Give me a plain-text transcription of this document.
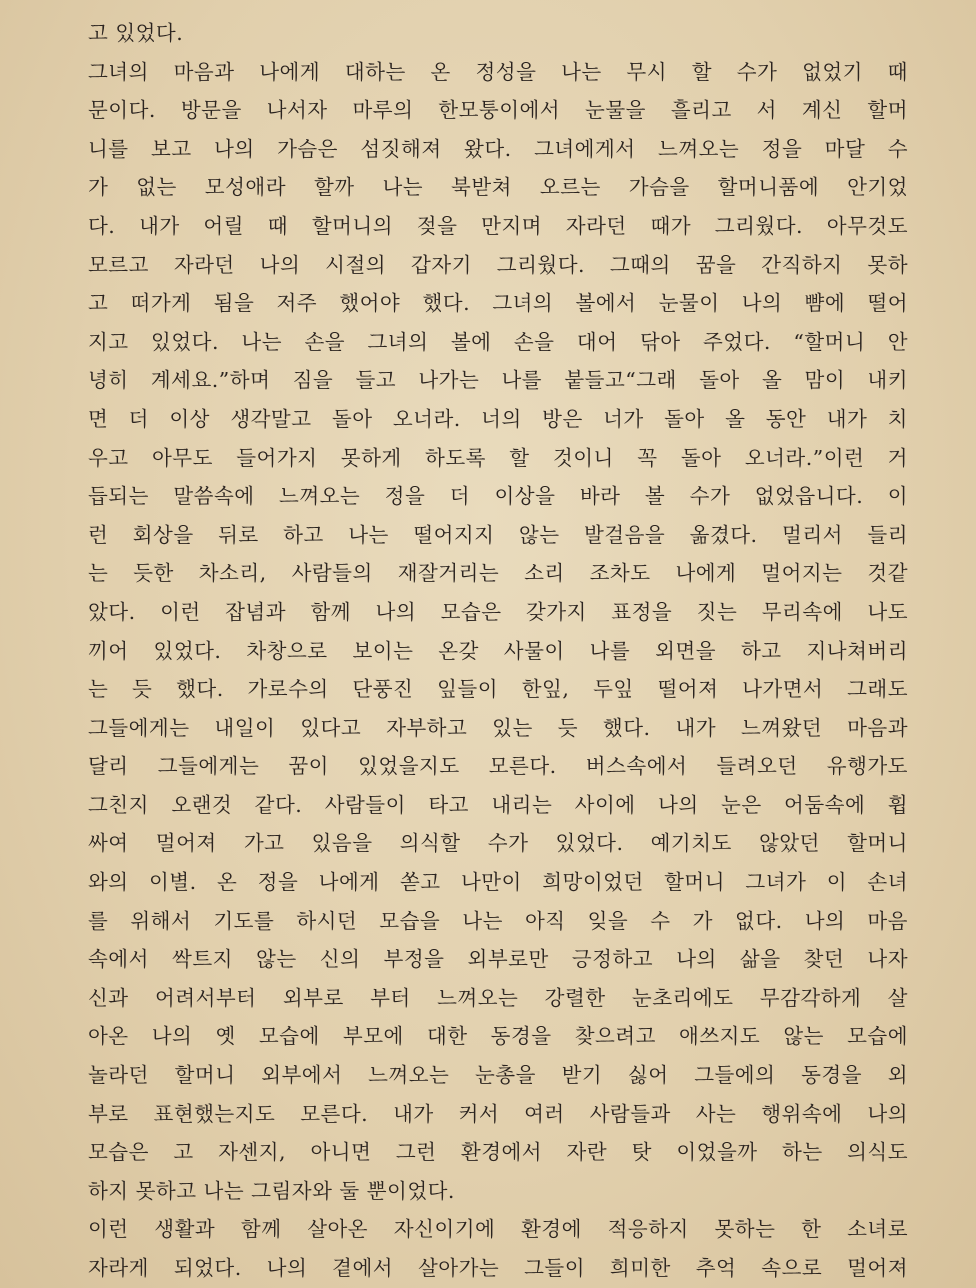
고 있었다.
그녀의 마음과 나에게 대하는 온 정성을 나는 무시 할 수가 없었기 때
문이다. 방문을 나서자 마루의 한모퉁이에서 눈물을 흘리고 서 계신 할머
니를 보고 나의 가슴은 섬짓해져 왔다. 그녀에게서 느껴오는 정을 마달 수
가 없는 모성애라 할까 나는 북받쳐 오르는 가슴을 할머니품에 안기었
다. 내가 어릴 때 할머니의 젖을 만지며 자라던 때가 그리웠다. 아무것도
모르고 자라던 나의 시절의 갑자기 그리웠다. 그때의 꿈을 간직하지 못하
고 떠가게 됨을 저주 했어야 했다. 그녀의 볼에서 눈물이 나의 뺨에 떨어
지고 있었다. 나는 손을 그녀의 볼에 손을 대어 닦아 주었다. “할머니 안
녕히 계세요.”하며 짐을 들고 나가는 나를 붙들고“그래 돌아 올 맘이 내키
면 더 이상 생각말고 돌아 오너라. 너의 방은 너가 돌아 올 동안 내가 치
우고 아무도 들어가지 못하게 하도록 할 것이니 꼭 돌아 오너라.”이런 거
듭되는 말씀속에 느껴오는 정을 더 이상을 바라 볼 수가 없었읍니다. 이
런 회상을 뒤로 하고 나는 떨어지지 않는 발걸음을 옮겼다. 멀리서 들리
는 듯한 차소리, 사람들의 재잘거리는 소리 조차도 나에게 멀어지는 것같
았다. 이런 잡념과 함께 나의 모습은 갖가지 표정을 짓는 무리속에 나도
끼어 있었다. 차창으로 보이는 온갖 사물이 나를 외면을 하고 지나쳐버리
는 듯 했다. 가로수의 단풍진 잎들이 한잎, 두잎 떨어져 나가면서 그래도
그들에게는 내일이 있다고 자부하고 있는 듯 했다. 내가 느껴왔던 마음과
달리 그들에게는 꿈이 있었을지도 모른다. 버스속에서 들려오던 유행가도
그친지 오랜것 같다. 사람들이 타고 내리는 사이에 나의 눈은 어둠속에 휩
싸여 멀어져 가고 있음을 의식할 수가 있었다. 예기치도 않았던 할머니
와의 이별. 온 정을 나에게 쏟고 나만이 희망이었던 할머니 그녀가 이 손녀
를 위해서 기도를 하시던 모습을 나는 아직 잊을 수 가 없다. 나의 마음
속에서 싹트지 않는 신의 부정을 외부로만 긍정하고 나의 삶을 찾던 나자
신과 어려서부터 외부로 부터 느껴오는 강렬한 눈초리에도 무감각하게 살
아온 나의 옛 모습에 부모에 대한 동경을 찾으려고 애쓰지도 않는 모습에
놀라던 할머니 외부에서 느껴오는 눈총을 받기 싫어 그들에의 동경을 외
부로 표현했는지도 모른다. 내가 커서 여러 사람들과 사는 행위속에 나의
모습은 고 자센지, 아니면 그런 환경에서 자란 탓 이었을까 하는 의식도
하지 못하고 나는 그림자와 둘 뿐이었다.
이런 생활과 함께 살아온 자신이기에 환경에 적응하지 못하는 한 소녀로
자라게 되었다. 나의 곁에서 살아가는 그들이 희미한 추억 속으로 멀어져
